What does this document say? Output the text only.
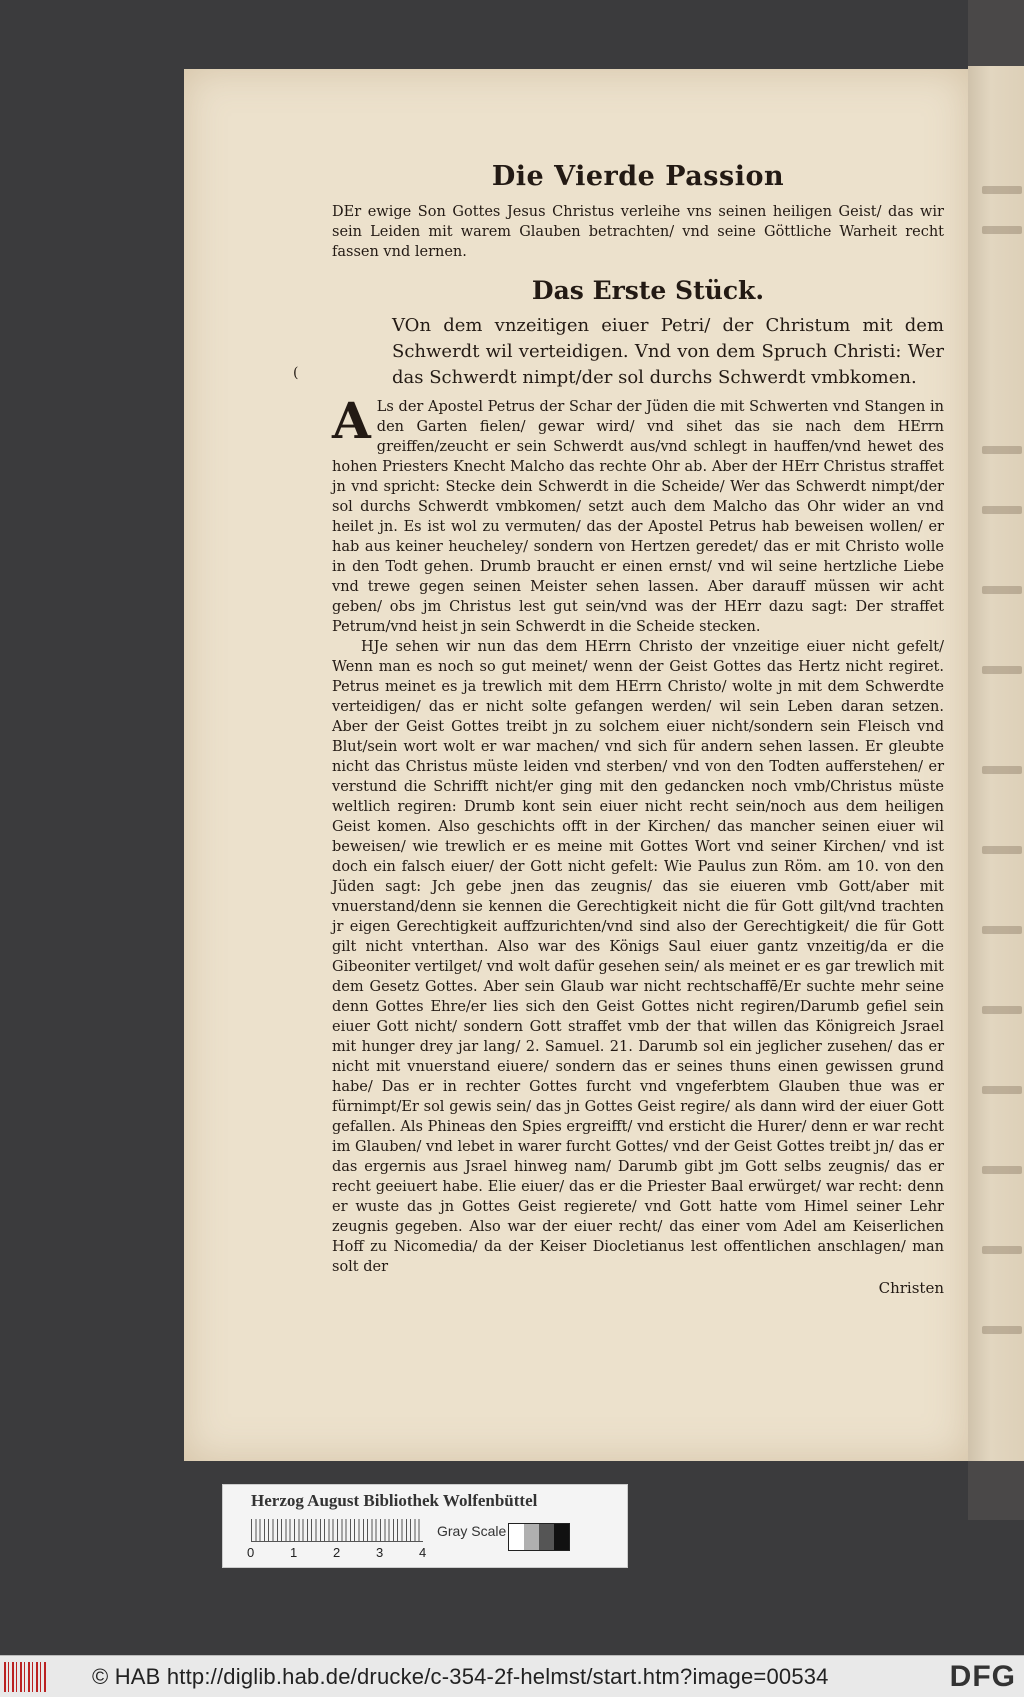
Die Vierde Passion

DEr ewige Son Gottes Jesus Christus verleihe vns seinen heiligen Geist/ das wir sein Leiden mit warem Glauben betrachten/ vnd seine Göttliche Warheit recht fassen vnd lernen.

Das Erste Stück.

VOn dem vnzeitigen eiuer Petri/ der Christum mit dem Schwerdt wil verteidigen. Vnd von dem Spruch Christi: Wer das Schwerdt nimpt/der sol durchs Schwerdt vmbkomen.

A Ls der Apostel Petrus der Schar der Jüden die mit Schwerten vnd Stangen in den Garten fielen/ gewar wird/ vnd sihet das sie nach dem HErrn greiffen/zeucht er sein Schwerdt aus/vnd schlegt in hauffen/vnd hewet des hohen Priesters Knecht Malcho das rechte Ohr ab. Aber der HErr Christus straffet jn vnd spricht: Stecke dein Schwerdt in die Scheide/ Wer das Schwerdt nimpt/der sol durchs Schwerdt vmbkomen/ setzt auch dem Malcho das Ohr wider an vnd heilet jn. Es ist wol zu vermuten/ das der Apostel Petrus hab beweisen wollen/ er hab aus keiner heucheley/ sondern von Hertzen geredet/ das er mit Christo wolle in den Todt gehen. Drumb braucht er einen ernst/ vnd wil seine hertzliche Liebe vnd trewe gegen seinen Meister sehen lassen. Aber darauff müssen wir acht geben/ obs jm Christus lest gut sein/vnd was der HErr dazu sagt: Der straffet Petrum/vnd heist jn sein Schwerdt in die Scheide stecken.

HJe sehen wir nun das dem HErrn Christo der vnzeitige eiuer nicht gefelt/ Wenn man es noch so gut meinet/ wenn der Geist Gottes das Hertz nicht regiret. Petrus meinet es ja trewlich mit dem HErrn Christo/ wolte jn mit dem Schwerdte verteidigen/ das er nicht solte gefangen werden/ wil sein Leben daran setzen. Aber der Geist Gottes treibt jn zu solchem eiuer nicht/sondern sein Fleisch vnd Blut/sein wort wolt er war machen/ vnd sich für andern sehen lassen. Er gleubte nicht das Christus müste leiden vnd sterben/ vnd von den Todten aufferstehen/ er verstund die Schrifft nicht/er ging mit den gedancken noch vmb/Christus müste weltlich regiren: Drumb kont sein eiuer nicht recht sein/noch aus dem heiligen Geist komen. Also geschichts offt in der Kirchen/ das mancher seinen eiuer wil beweisen/ wie trewlich er es meine mit Gottes Wort vnd seiner Kirchen/ vnd ist doch ein falsch eiuer/ der Gott nicht gefelt: Wie Paulus zun Röm. am 10. von den Jüden sagt: Jch gebe jnen das zeugnis/ das sie eiueren vmb Gott/aber mit vnuerstand/denn sie kennen die Gerechtigkeit nicht die für Gott gilt/vnd trachten jr eigen Gerechtigkeit auffzurichten/vnd sind also der Gerechtigkeit/ die für Gott gilt nicht vnterthan. Also war des Königs Saul eiuer gantz vnzeitig/da er die Gibeoniter vertilget/ vnd wolt dafür gesehen sein/ als meinet er es gar trewlich mit dem Gesetz Gottes. Aber sein Glaub war nicht rechtschaffē/Er suchte mehr seine denn Gottes Ehre/er lies sich den Geist Gottes nicht regiren/Darumb gefiel sein eiuer Gott nicht/ sondern Gott straffet vmb der that willen das Königreich Jsrael mit hunger drey jar lang/ 2. Samuel. 21. Darumb sol ein jeglicher zusehen/ das er nicht mit vnuerstand eiuere/ sondern das er seines thuns einen gewissen grund habe/ Das er in rechter Gottes furcht vnd vngeferbtem Glauben thue was er fürnimpt/Er sol gewis sein/ das jn Gottes Geist regire/ als dann wird der eiuer Gott gefallen. Als Phineas den Spies ergreifft/ vnd ersticht die Hurer/ denn er war recht im Glauben/ vnd lebet in warer furcht Gottes/ vnd der Geist Gottes treibt jn/ das er das ergernis aus Jsrael hinweg nam/ Darumb gibt jm Gott selbs zeugnis/ das er recht geeiuert habe. Elie eiuer/ das er die Priester Baal erwürget/ war recht: denn er wuste das jn Gottes Geist regierete/ vnd Gott hatte vom Himel seiner Lehr zeugnis gegeben. Also war der eiuer recht/ das einer vom Adel am Keiserlichen Hoff zu Nicomedia/ da der Keiser Diocletianus lest offentlichen anschlagen/ man solt der

Christen
(
Herzog August Bibliothek Wolfenbüttel
0	1	2	3	4
Gray Scale
© HAB http://diglib.hab.de/drucke/c-354-2f-helmst/start.htm?image=00534	DFG
